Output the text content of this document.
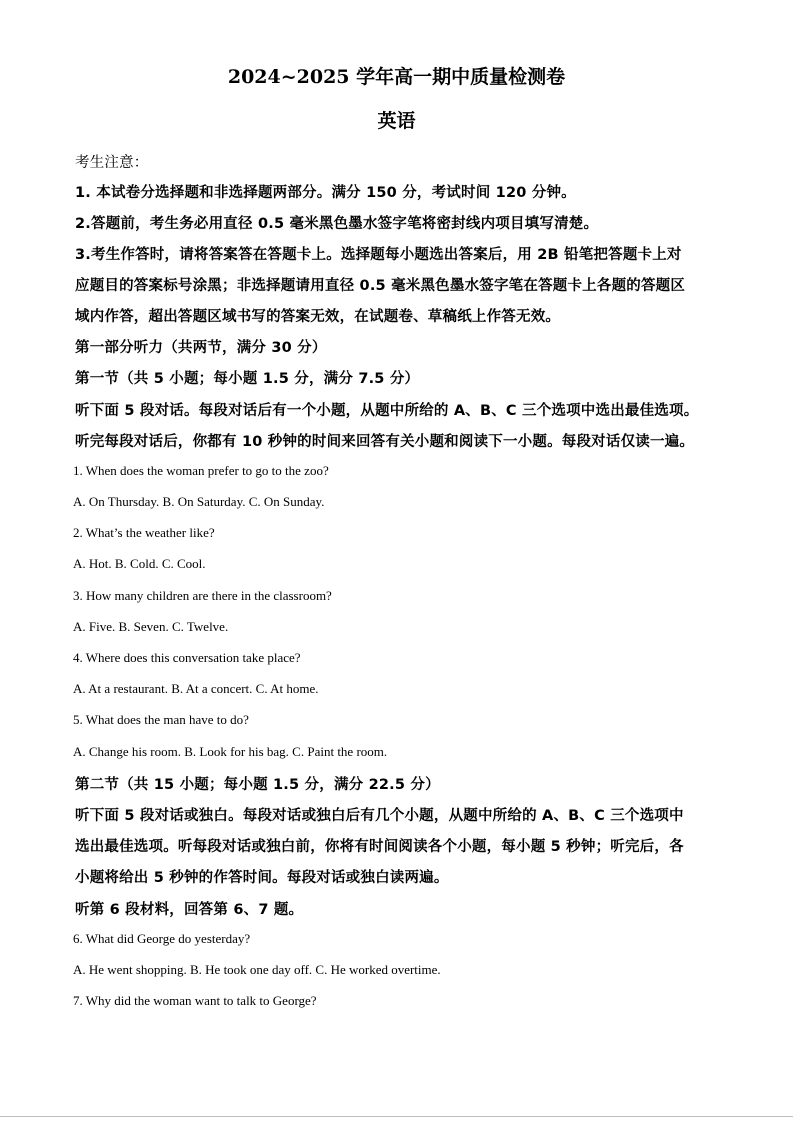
2024~2025 学年高一期中质量检测卷
英语

考生注意：

1. 本试卷分选择题和非选择题两部分。满分 150 分，考试时间 120 分钟。

2.答题前，考生务必用直径 0.5 毫米黑色墨水签字笔将密封线内项目填写清楚。

3.考生作答时，请将答案答在答题卡上。选择题每小题选出答案后，用 2B 铅笔把答题卡上对

应题目的答案标号涂黑；非选择题请用直径 0.5 毫米黑色墨水签字笔在答题卡上各题的答题区

域内作答，超出答题区域书写的答案无效，在试题卷、草稿纸上作答无效。

第一部分听力（共两节，满分 30 分）

第一节（共 5 小题；每小题 1.5 分，满分 7.5 分）

听下面 5 段对话。每段对话后有一个小题，从题中所给的 A、B、C 三个选项中选出最佳选项。

听完每段对话后，你都有 10 秒钟的时间来回答有关小题和阅读下一小题。每段对话仅读一遍。

1. When does the woman prefer to go to the zoo?

A. On Thursday. B. On Saturday. C. On Sunday.

2. What’s the weather like?

A. Hot. B. Cold. C. Cool.

3. How many children are there in the classroom?

A. Five. B. Seven. C. Twelve.

4. Where does this conversation take place?

A. At a restaurant. B. At a concert. C. At home.

5. What does the man have to do?

A. Change his room. B. Look for his bag. C. Paint the room.

第二节（共 15 小题；每小题 1.5 分，满分 22.5 分）

听下面 5 段对话或独白。每段对话或独白后有几个小题，从题中所给的 A、B、C 三个选项中

选出最佳选项。听每段对话或独白前，你将有时间阅读各个小题，每小题 5 秒钟；听完后，各

小题将给出 5 秒钟的作答时间。每段对话或独白读两遍。

听第 6 段材料，回答第 6、7 题。

6. What did George do yesterday?

A. He went shopping. B. He took one day off. C. He worked overtime.

7. Why did the woman want to talk to George?
